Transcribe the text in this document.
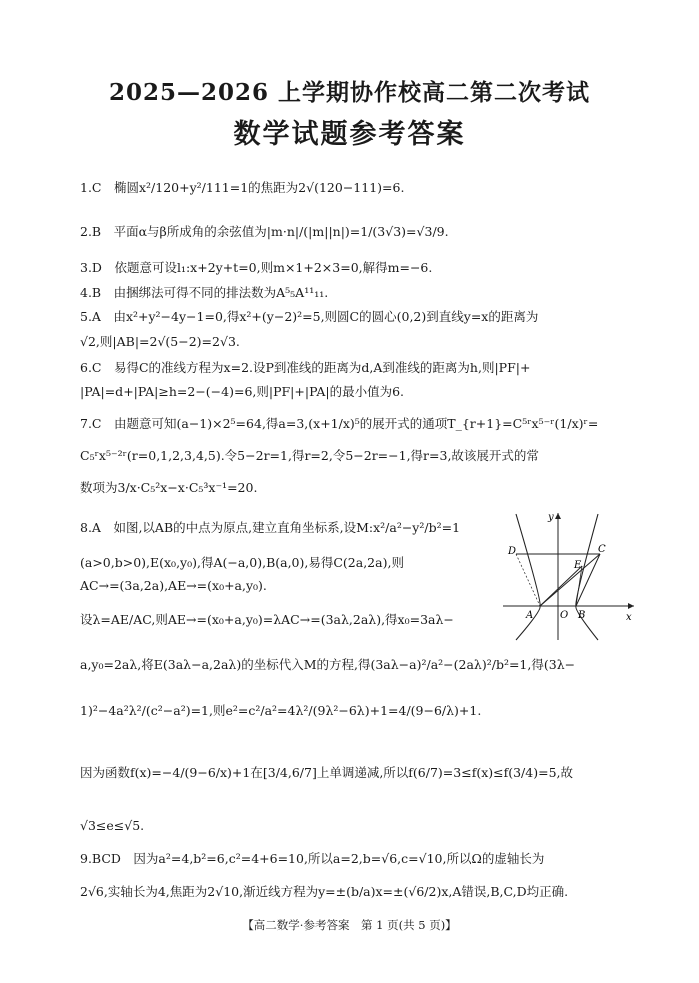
2025—2026 上学期协作校高二第二次考试
数学试题参考答案
1.C　椭圆x²/120+y²/111=1的焦距为2√(120−111)=6.
2.B　平面α与β所成角的余弦值为|m·n|/(|m||n|)=1/(3√3)=√3/9.
3.D　依题意可设l₁:x+2y+t=0,则m×1+2×3=0,解得m=−6.
4.B　由捆绑法可得不同的排法数为A⁵₅A¹¹₁₁.
5.A　由x²+y²−4y−1=0,得x²+(y−2)²=5,则圆C的圆心(0,2)到直线y=x的距离为
√2,则|AB|=2√(5−2)=2√3.
6.C　易得C的准线方程为x=2.设P到准线的距离为d,A到准线的距离为h,则|PF|+
|PA|=d+|PA|≥h=2−(−4)=6,则|PF|+|PA|的最小值为6.
7.C　由题意可知(a−1)×2⁵=64,得a=3,(x+1/x)⁵的展开式的通项T_{r+1}=C⁵ʳx⁵⁻ʳ(1/x)ʳ=
C₅ʳx⁵⁻²ʳ(r=0,1,2,3,4,5).令5−2r=1,得r=2,令5−2r=−1,得r=3,故该展开式的常
数项为3/x·C₅²x−x·C₅³x⁻¹=20.
8.A　如图,以AB的中点为原点,建立直角坐标系,设M:x²/a²−y²/b²=1
(a>0,b>0),E(x₀,y₀),得A(−a,0),B(a,0),易得C(2a,2a),则
AC→=(3a,2a),AE→=(x₀+a,y₀).
设λ=AE/AC,则AE→=(x₀+a,y₀)=λAC→=(3aλ,2aλ),得x₀=3aλ−
a,y₀=2aλ,将E(3aλ−a,2aλ)的坐标代入M的方程,得(3aλ−a)²/a²−(2aλ)²/b²=1,得(3λ−
1)²−4a²λ²/(c²−a²)=1,则e²=c²/a²=4λ²/(9λ²−6λ)+1=4/(9−6/λ)+1.
因为函数f(x)=−4/(9−6/x)+1在[3/4,6/7]上单调递减,所以f(6/7)=3≤f(x)≤f(3/4)=5,故
√3≤e≤√5.
9.BCD　因为a²=4,b²=6,c²=4+6=10,所以a=2,b=√6,c=√10,所以Ω的虚轴长为
2√6,实轴长为4,焦距为2√10,渐近线方程为y=±(b/a)x=±(√6/2)x,A错误,B,C,D均正确.
y
D	C
E
A	O B	x
【高二数学·参考答案　第 1 页(共 5 页)】
